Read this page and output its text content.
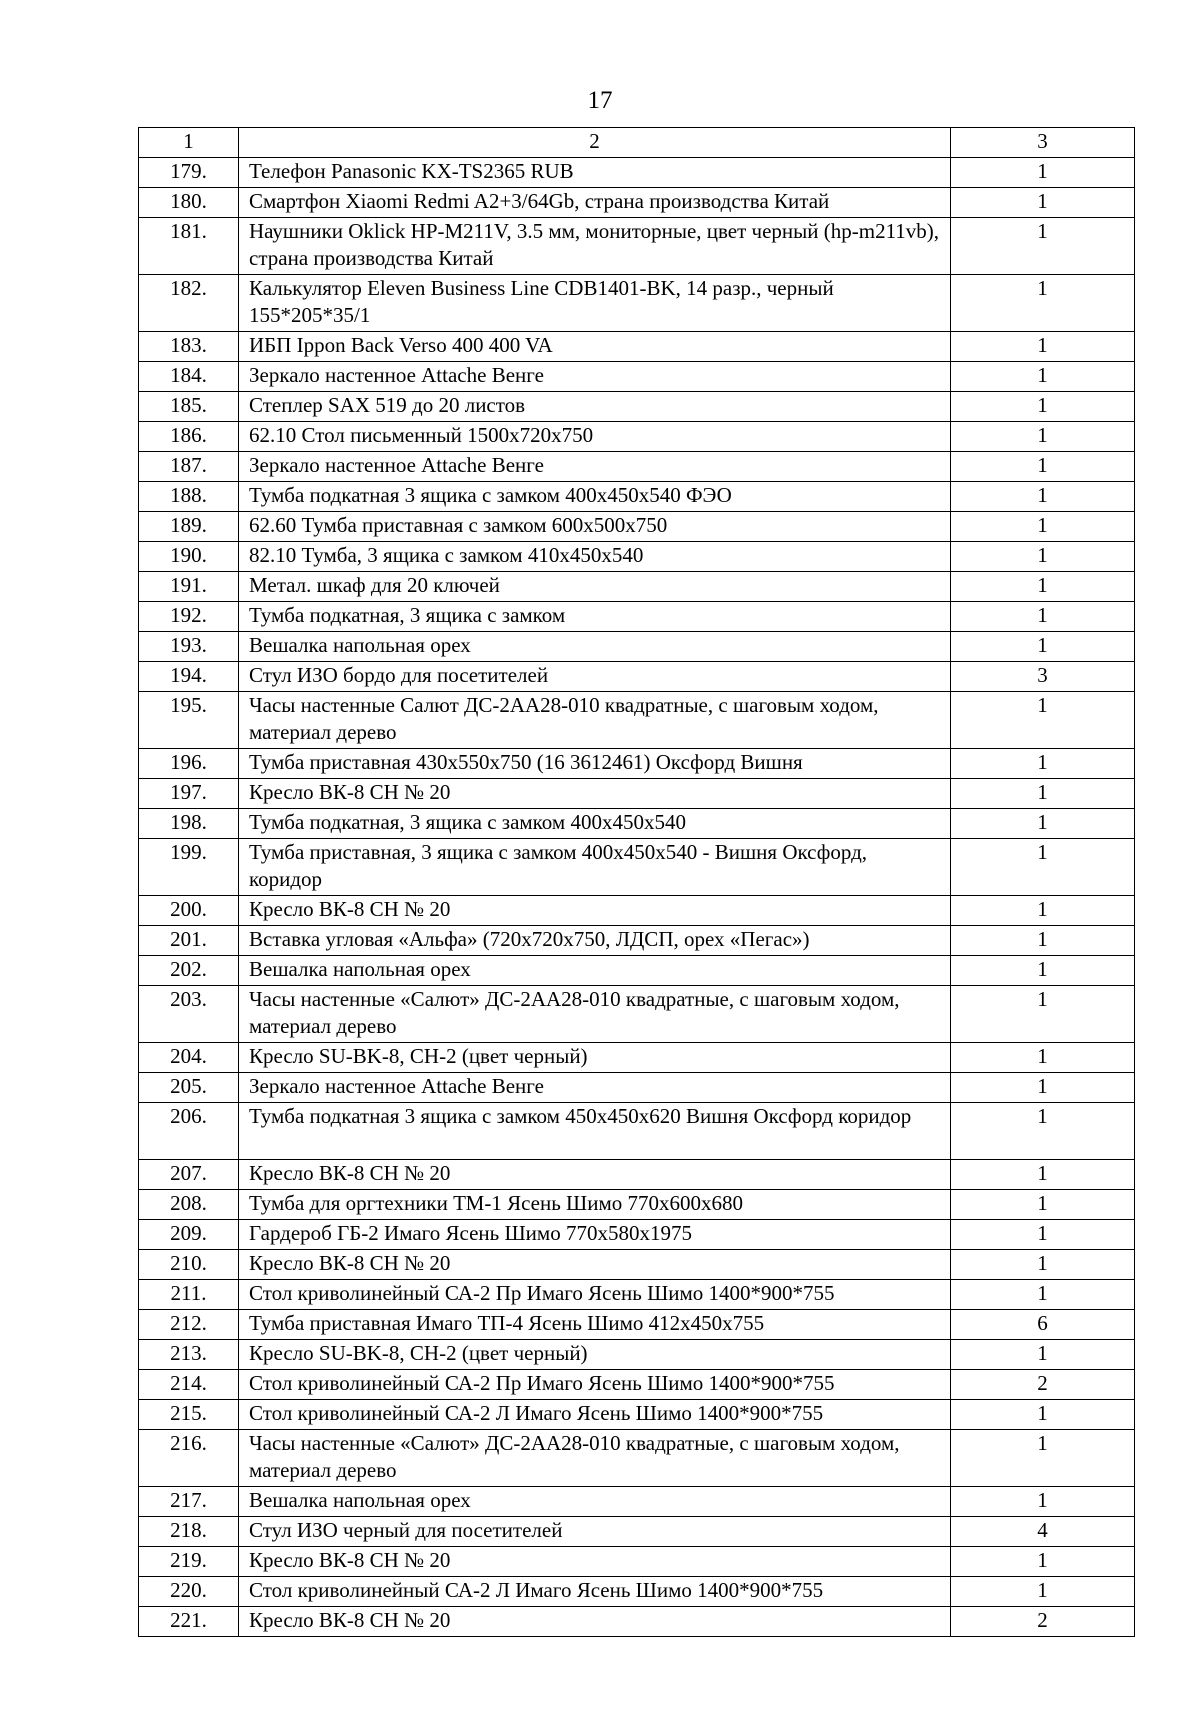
17
1	2	3
179.	Телефон Panasonic KX-TS2365 RUB	1
180.	Смартфон Xiaomi Redmi A2+3/64Gb, страна производства Китай	1
181.	Наушники Oklick HP-M211V, 3.5 мм, мониторные, цвет черный (hp-m211vb), страна производства Китай	1
182.	Калькулятор Eleven Business Line CDB1401-BK, 14 разр., черный 155*205*35/1	1
183.	ИБП Ippon Back Verso 400 400 VA	1
184.	Зеркало настенное Attache Венге	1
185.	Степлер SAX 519 до 20 листов	1
186.	62.10 Стол письменный 1500x720x750	1
187.	Зеркало настенное Attache Венге	1
188.	Тумба подкатная 3 ящика с замком 400x450x540 ФЭО	1
189.	62.60 Тумба приставная с замком 600x500x750	1
190.	82.10 Тумба, 3 ящика с замком 410x450x540	1
191.	Метал. шкаф для 20 ключей	1
192.	Тумба подкатная, 3 ящика с замком	1
193.	Вешалка напольная орех	1
194.	Стул ИЗО бордо для посетителей	3
195.	Часы настенные Салют ДС-2АА28-010 квадратные, с шаговым ходом, материал дерево	1
196.	Тумба приставная 430x550x750 (16 3612461) Оксфорд Вишня	1
197.	Кресло ВК-8 СН № 20	1
198.	Тумба подкатная, 3 ящика с замком 400x450x540	1
199.	Тумба приставная, 3 ящика с замком 400x450x540 - Вишня Оксфорд, коридор	1
200.	Кресло ВК-8 СН № 20	1
201.	Вставка угловая «Альфа» (720x720x750, ЛДСП, орех «Пегас»)	1
202.	Вешалка напольная орех	1
203.	Часы настенные «Салют» ДС-2АА28-010 квадратные, с шаговым ходом, материал дерево	1
204.	Кресло SU-BK-8, СН-2 (цвет черный)	1
205.	Зеркало настенное Attache Венге	1
206.	Тумба подкатная 3 ящика с замком 450x450x620 Вишня Оксфорд коридор	1
207.	Кресло ВК-8 СН № 20	1
208.	Тумба для оргтехники ТМ-1 Ясень Шимо 770x600x680	1
209.	Гардероб ГБ-2 Имаго Ясень Шимо 770x580x1975	1
210.	Кресло ВК-8 СН № 20	1
211.	Стол криволинейный СА-2 Пр Имаго Ясень Шимо 1400*900*755	1
212.	Тумба приставная Имаго ТП-4 Ясень Шимо 412x450x755	6
213.	Кресло SU-BK-8, СН-2 (цвет черный)	1
214.	Стол криволинейный СА-2 Пр Имаго Ясень Шимо 1400*900*755	2
215.	Стол криволинейный СА-2 Л Имаго Ясень Шимо 1400*900*755	1
216.	Часы настенные «Салют» ДС-2АА28-010 квадратные, с шаговым ходом, материал дерево	1
217.	Вешалка напольная орех	1
218.	Стул ИЗО черный для посетителей	4
219.	Кресло ВК-8 СН № 20	1
220.	Стол криволинейный СА-2 Л Имаго Ясень Шимо 1400*900*755	1
221.	Кресло ВК-8 СН № 20	2
